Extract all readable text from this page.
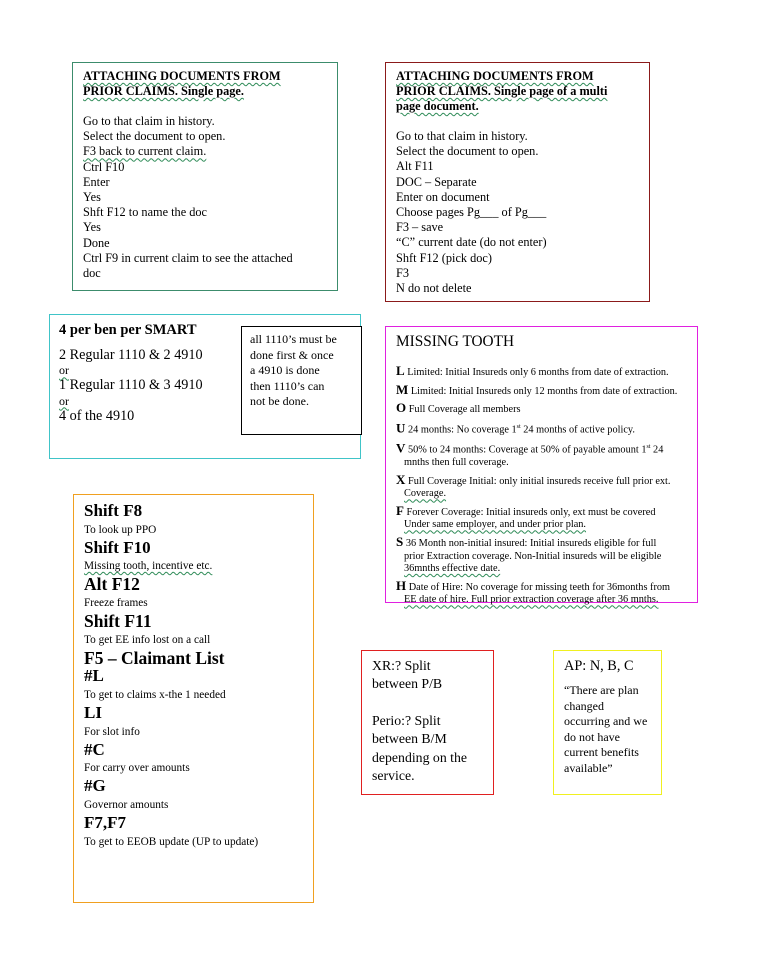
ATTACHING DOCUMENTS FROM
PRIOR CLAIMS. Single page.
Go to that claim in history.
Select the document to open.
F3 back to current claim.
Ctrl F10
Enter
Yes
Shft F12 to name the doc
Yes
Done
Ctrl F9 in current claim to see the attached
doc
ATTACHING DOCUMENTS FROM
PRIOR CLAIMS. Single page of a multi
page document.
Go to that claim in history.
Select the document to open.
Alt F11
DOC – Separate
Enter on document
Choose pages Pg___ of Pg___
F3 – save
“C” current date (do not enter)
Shft F12 (pick doc)
F3
N do not delete
4 per ben per SMART
2 Regular 1110 & 2 4910
or
1 Regular 1110 & 3 4910
or
4 of the 4910
all 1110’s must be
done first & once
a 4910 is done
then 1110’s can
not be done.
MISSING TOOTH
L Limited: Initial Insureds only 6 months from date of extraction.
M Limited: Initial Insureds only 12 months from date of extraction.
O Full Coverage all members
U 24 months: No coverage 1st 24 months of active policy.
V 50% to 24 months: Coverage at 50% of payable amount 1st 24
mnths then full coverage.
X Full Coverage Initial: only initial insureds receive full prior ext.
Coverage.
F Forever Coverage: Initial insureds only, ext must be covered
Under same employer, and under prior plan.
S 36 Month non-initial insured: Initial insureds eligible for full
prior Extraction coverage. Non-Initial insureds will be eligible
36mnths effective date.
H Date of Hire: No coverage for missing teeth for 36months from
EE date of hire. Full prior extraction coverage after 36 mnths.
Shift F8
To look up PPO
Shift F10
Missing tooth, incentive etc.
Alt F12
Freeze frames
Shift F11
To get EE info lost on a call
F5 – Claimant List
#L
To get to claims x-the 1 needed
LI
For slot info
#C
For carry over amounts
#G
Governor amounts
F7,F7
To get to EEOB update (UP to update)
XR:? Split
between P/B
Perio:? Split
between B/M
depending on the
service.
AP: N, B, C
“There are plan changed occurring and we do not have current benefits available”
